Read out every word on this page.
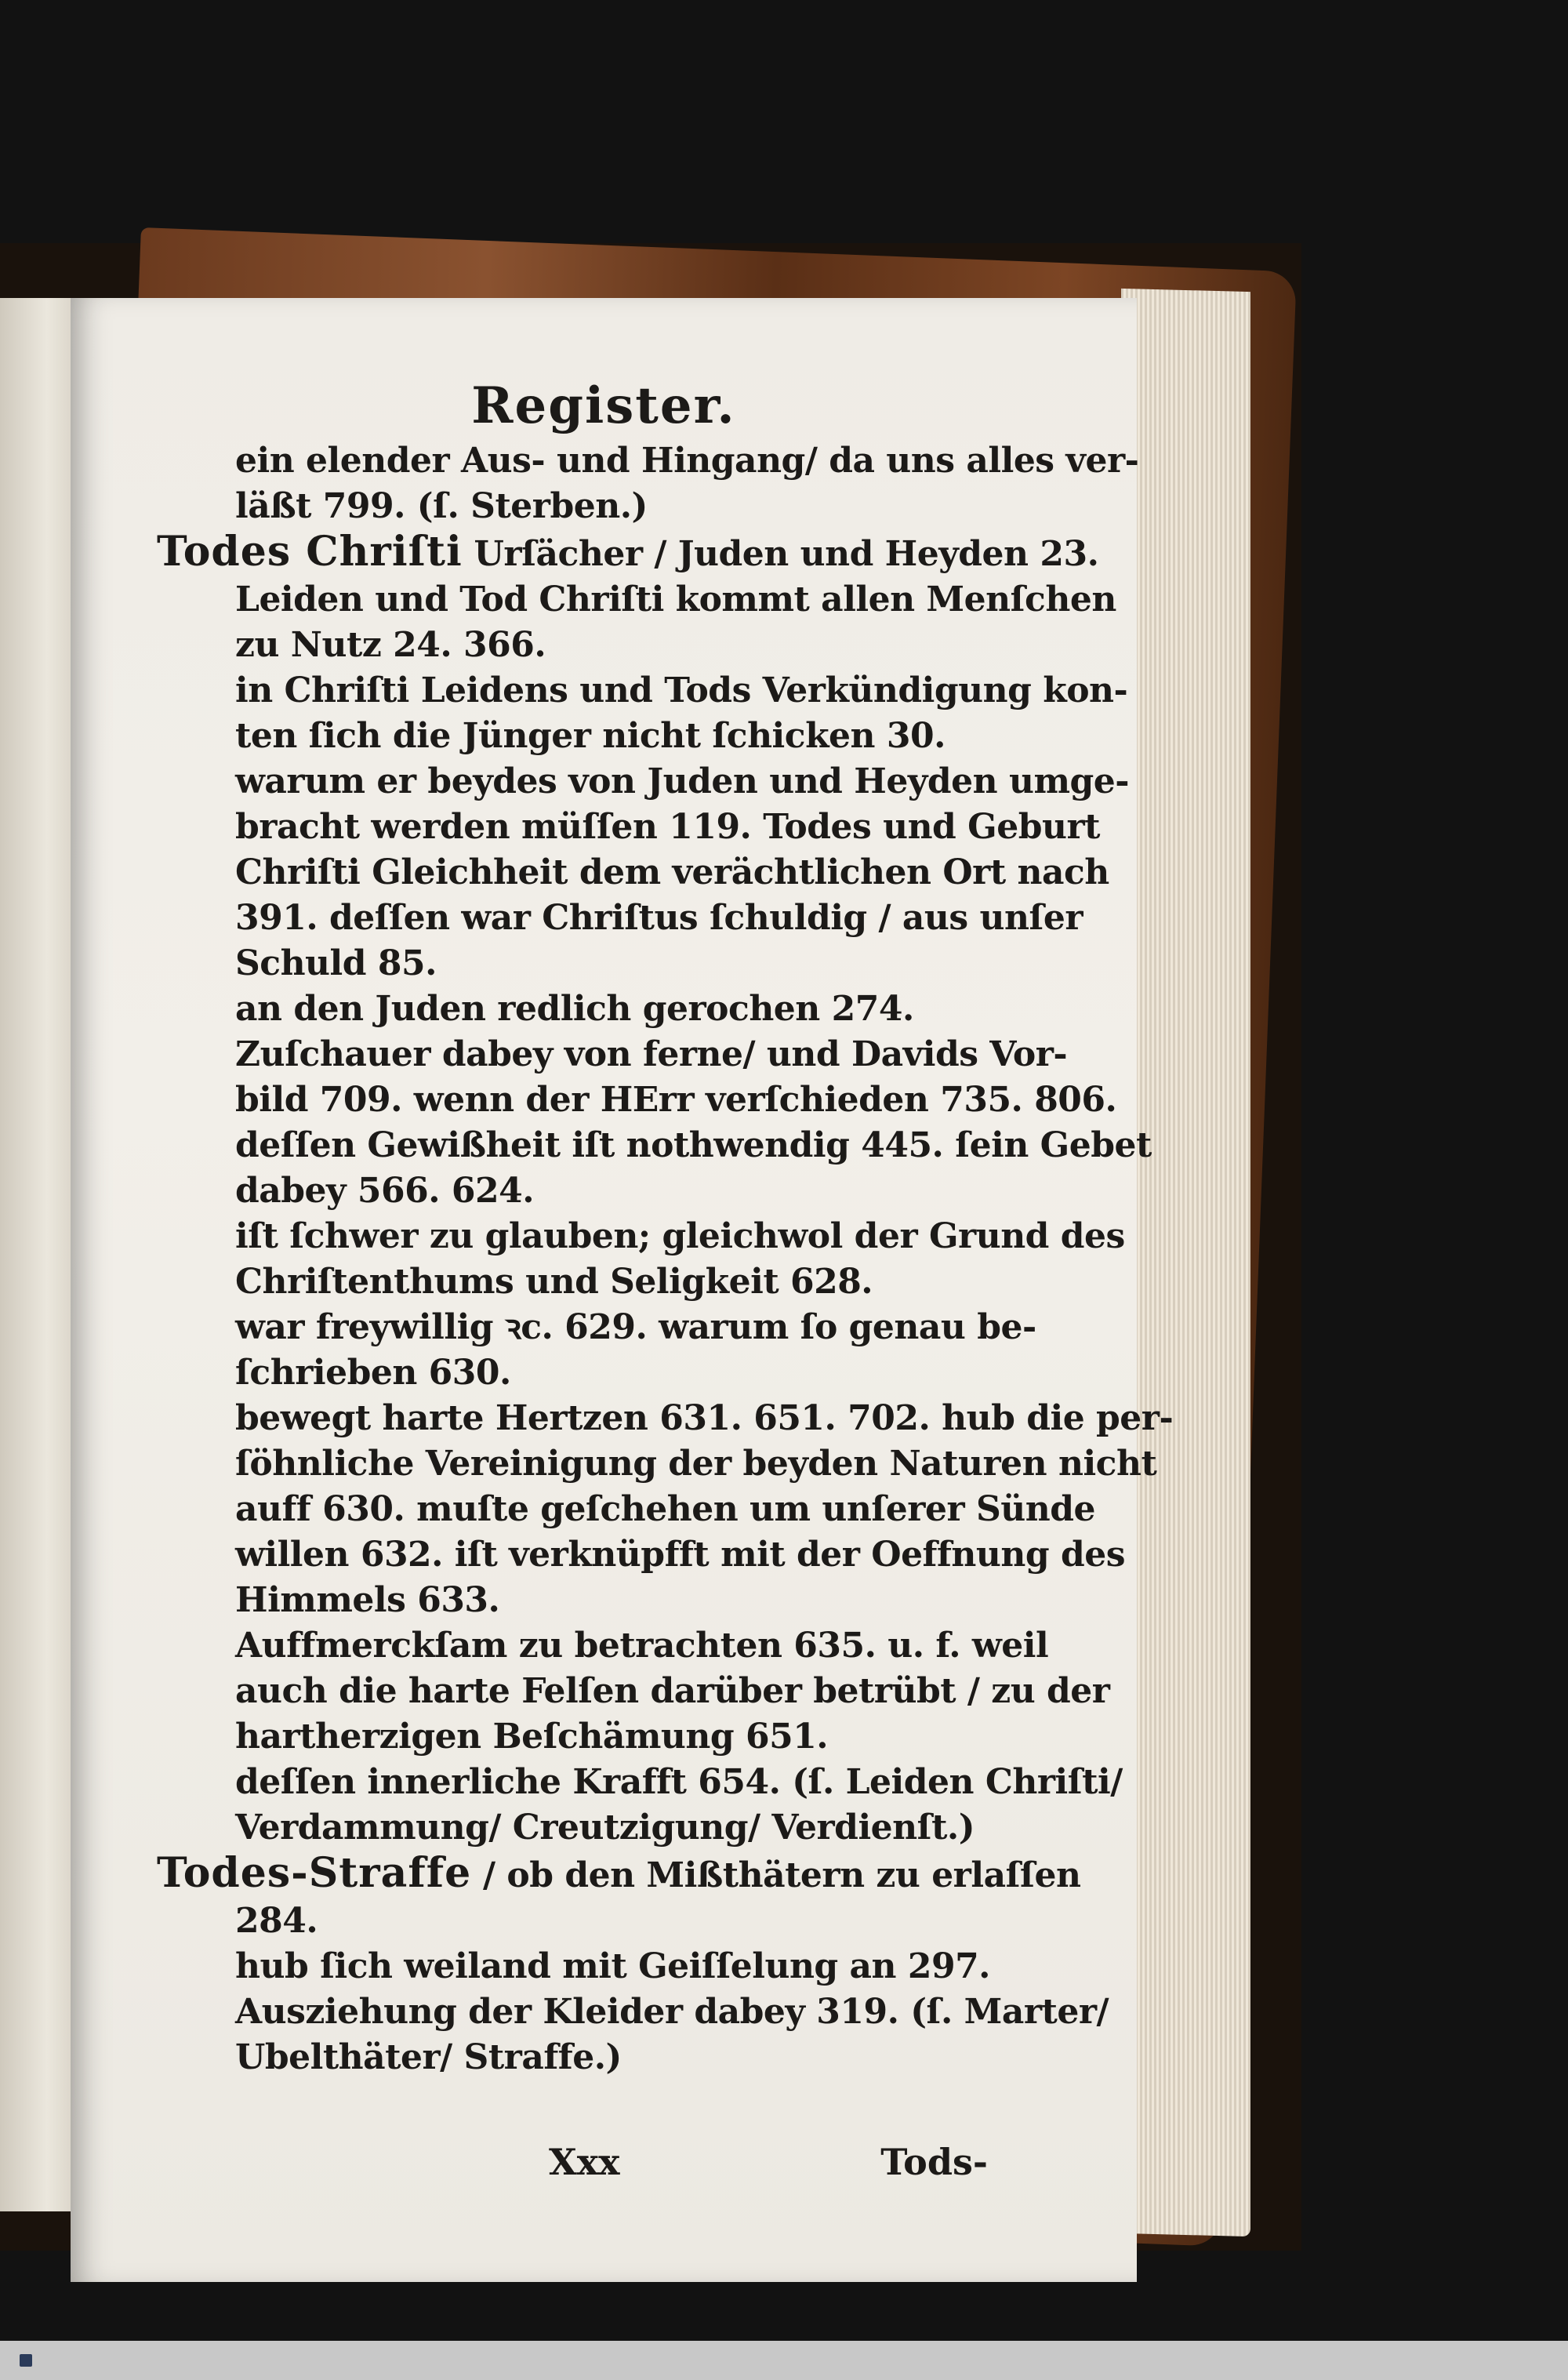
Register.
ein elender Aus- und Hingang/ da uns alles ver-
läßt 799. (ſ. Sterben.)
Todes Chriſti Urſächer / Juden und Heyden 23.
Leiden und Tod Chriſti kommt allen Menſchen
zu Nutz 24. 366.
in Chriſti Leidens und Tods Verkündigung kon-
ten ſich die Jünger nicht ſchicken 30.
warum er beydes von Juden und Heyden umge-
bracht werden müſſen 119. Todes und Geburt
Chriſti Gleichheit dem verächtlichen Ort nach
391. deſſen war Chriſtus ſchuldig / aus unſer
Schuld 85.
an den Juden redlich gerochen 274.
Zuſchauer dabey von ferne/ und Davids Vor-
bild 709. wenn der HErr verſchieden 735. 806.
deſſen Gewißheit iſt nothwendig 445. ſein Gebet
dabey 566. 624.
iſt ſchwer zu glauben; gleichwol der Grund des
Chriſtenthums und Seligkeit 628.
war freywillig ꝛc. 629. warum ſo genau be-
ſchrieben 630.
bewegt harte Hertzen 631. 651. 702. hub die per-
ſöhnliche Vereinigung der beyden Naturen nicht
auff 630. muſte geſchehen um unſerer Sünde
willen 632. iſt verknüpfft mit der Oeffnung des
Himmels 633.
Auffmerckſam zu betrachten 635. u. f. weil
auch die harte Felſen darüber betrübt / zu der
hartherzigen Beſchämung 651.
deſſen innerliche Krafft 654. (ſ. Leiden Chriſti/
Verdammung/ Creutzigung/ Verdienſt.)
Todes-Straffe / ob den Mißthätern zu erlaſſen
284.
hub ſich weiland mit Geiſſelung an 297.
Ausziehung der Kleider dabey 319. (ſ. Marter/
Ubelthäter/ Straffe.)
Xxx	Tods-
